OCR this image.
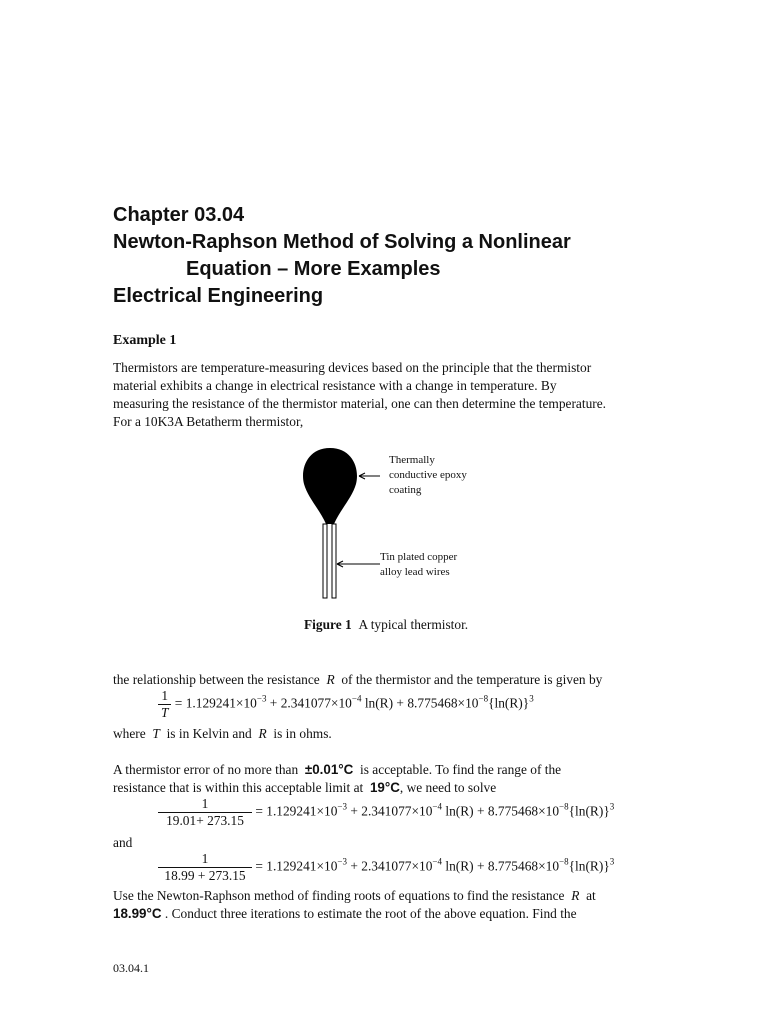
Chapter 03.04
Newton-Raphson Method of Solving a Nonlinear
Equation – More Examples
Electrical Engineering
Example 1
Thermistors are temperature-measuring devices based on the principle that the thermistor
material exhibits a change in electrical resistance with a change in temperature. By
measuring the resistance of the thermistor material, one can then determine the temperature.
For a 10K3A Betatherm thermistor,
Thermally
conductive epoxy
coating
Tin plated copper
alloy lead wires
Figure 1 A typical thermistor.
the relationship between the resistance R of the thermistor and the temperature is given by
$\frac{1}{T} = 1.129241\times 10^{-3} + 2.341077\times 10^{-4}$ $\ln(R) + 8.775468\times 10^{-8}\{\ln(R)\}^3$
where T is in Kelvin and R is in ohms.
A thermistor error of no more than ±0.01°C is acceptable. To find the range of the
resistance that is within this acceptable limit at 19°C, we need to solve
$\frac{1}{19.01+ 273.15} = 1.129241\times 10^{-3} + 2.341077\times 10^{-4}$ $\ln(R) + 8.775468\times 10^{-8}\{\ln(R)\}^3$
and
$\frac{1}{18.99 + 273.15} = 1.129241\times 10^{-3} + 2.341077\times 10^{-4}$ $\ln(R) + 8.775468\times 10^{-8}\{\ln(R)\}^3$
Use the Newton-Raphson method of finding roots of equations to find the resistance R at
18.99°C . Conduct three iterations to estimate the root of the above equation. Find the
03.04.1
